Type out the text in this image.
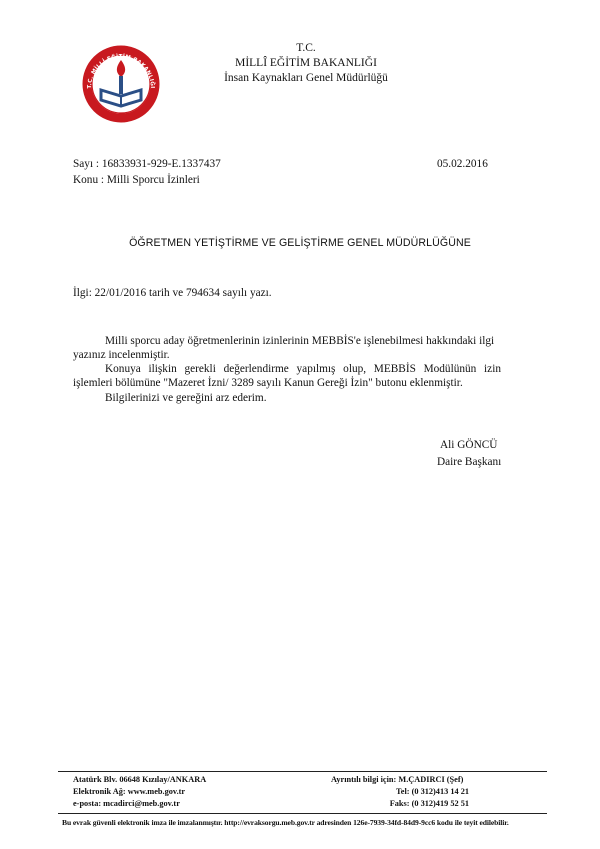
T.C. MİLLİ EĞİTİM BAKANLIĞI
T.C.
MİLLÎ EĞİTİM BAKANLIĞI
İnsan Kaynakları Genel Müdürlüğü
Sayı : 16833931-929-E.1337437	05.02.2016
Konu : Milli Sporcu İzinleri
ÖĞRETMEN YETİŞTİRME VE GELİŞTİRME GENEL MÜDÜRLÜĞÜNE
İlgi: 22/01/2016 tarih ve 794634 sayılı yazı.
Milli sporcu aday öğretmenlerinin izinlerinin MEBBİS'e işlenebilmesi hakkındaki ilgi
yazınız incelenmiştir.
Konuya ilişkin gerekli değerlendirme yapılmış olup, MEBBİS Modülünün izin
işlemleri bölümüne "Mazeret İzni/ 3289 sayılı Kanun Gereği İzin" butonu eklenmiştir.
Bilgilerinizi ve gereğini arz ederim.
Ali GÖNCÜ
Daire Başkanı
Atatürk Blv. 06648 Kızılay/ANKARA
Elektronik Ağ: www.meb.gov.tr
e-posta: mcadirci@meb.gov.tr
Ayrıntılı bilgi için: M.ÇADIRCI (Şef)
Tel: (0 312)413 14 21
Faks: (0 312)419 52 51
Bu evrak güvenli elektronik imza ile imzalanmıştır. http://evraksorgu.meb.gov.tr adresinden 126e-7939-34fd-84d9-9cc6 kodu ile teyit edilebilir.
